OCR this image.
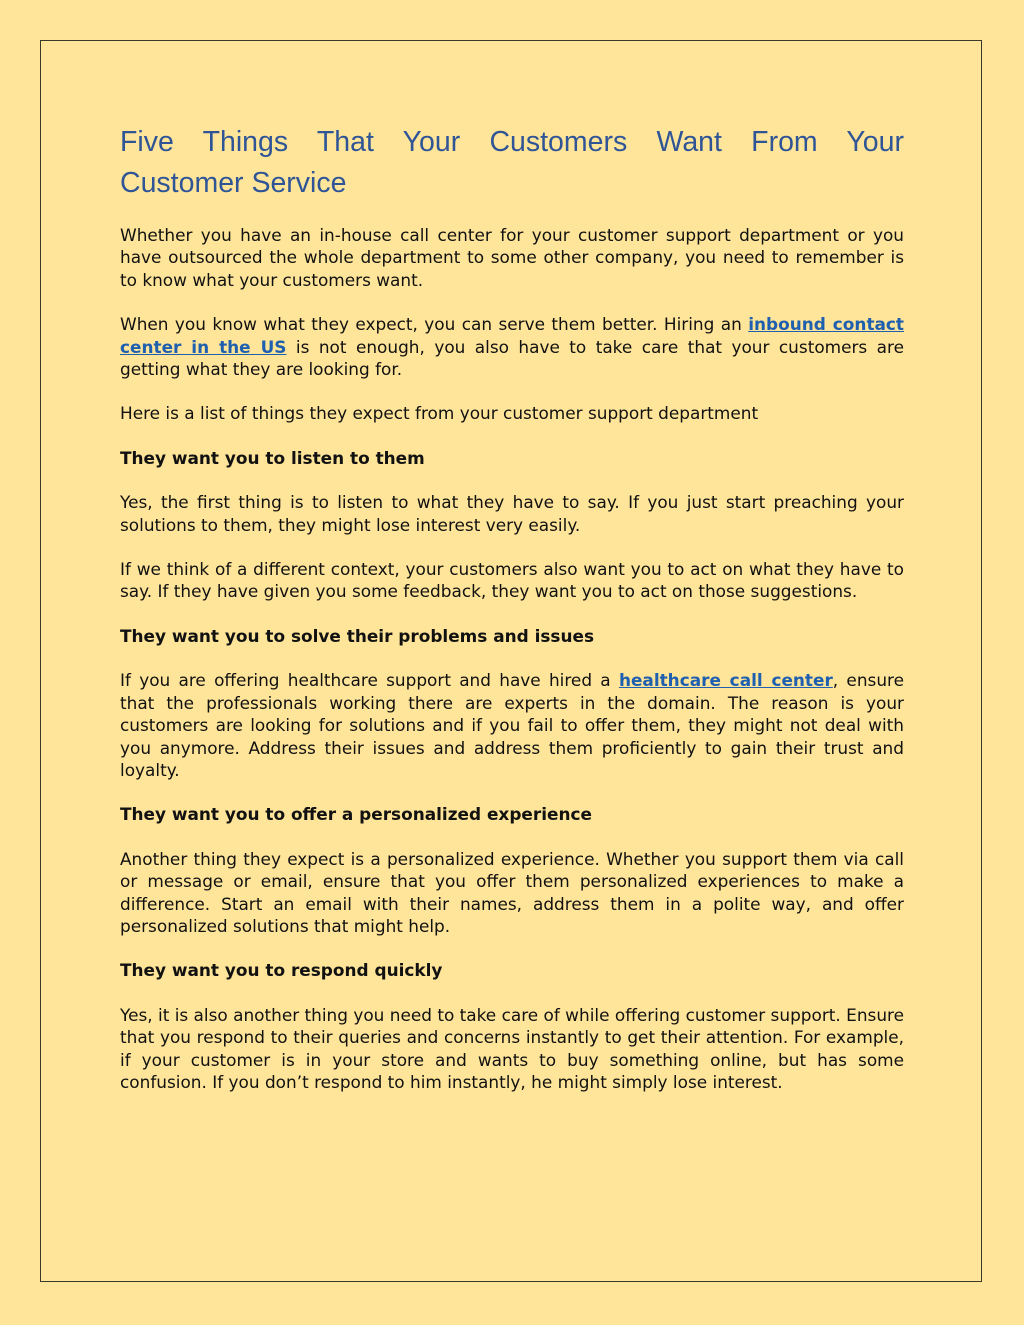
Five Things That Your Customers Want From Your
Customer Service

Whether you have an in-house call center for your customer support department or you have outsourced the whole department to some other company, you need to remember is to know what your customers want.

When you know what they expect, you can serve them better. Hiring an inbound contact center in the US is not enough, you also have to take care that your customers are getting what they are looking for.

Here is a list of things they expect from your customer support department

They want you to listen to them

Yes, the first thing is to listen to what they have to say. If you just start preaching your solutions to them, they might lose interest very easily.

If we think of a different context, your customers also want you to act on what they have to say. If they have given you some feedback, they want you to act on those suggestions.

They want you to solve their problems and issues

If you are offering healthcare support and have hired a healthcare call center, ensure that the professionals working there are experts in the domain. The reason is your customers are looking for solutions and if you fail to offer them, they might not deal with you anymore. Address their issues and address them proficiently to gain their trust and loyalty.

They want you to offer a personalized experience

Another thing they expect is a personalized experience. Whether you support them via call or message or email, ensure that you offer them personalized experiences to make a difference. Start an email with their names, address them in a polite way, and offer personalized solutions that might help.

They want you to respond quickly

Yes, it is also another thing you need to take care of while offering customer support. Ensure that you respond to their queries and concerns instantly to get their attention. For example, if your customer is in your store and wants to buy something online, but has some confusion. If you don’t respond to him instantly, he might simply lose interest.
